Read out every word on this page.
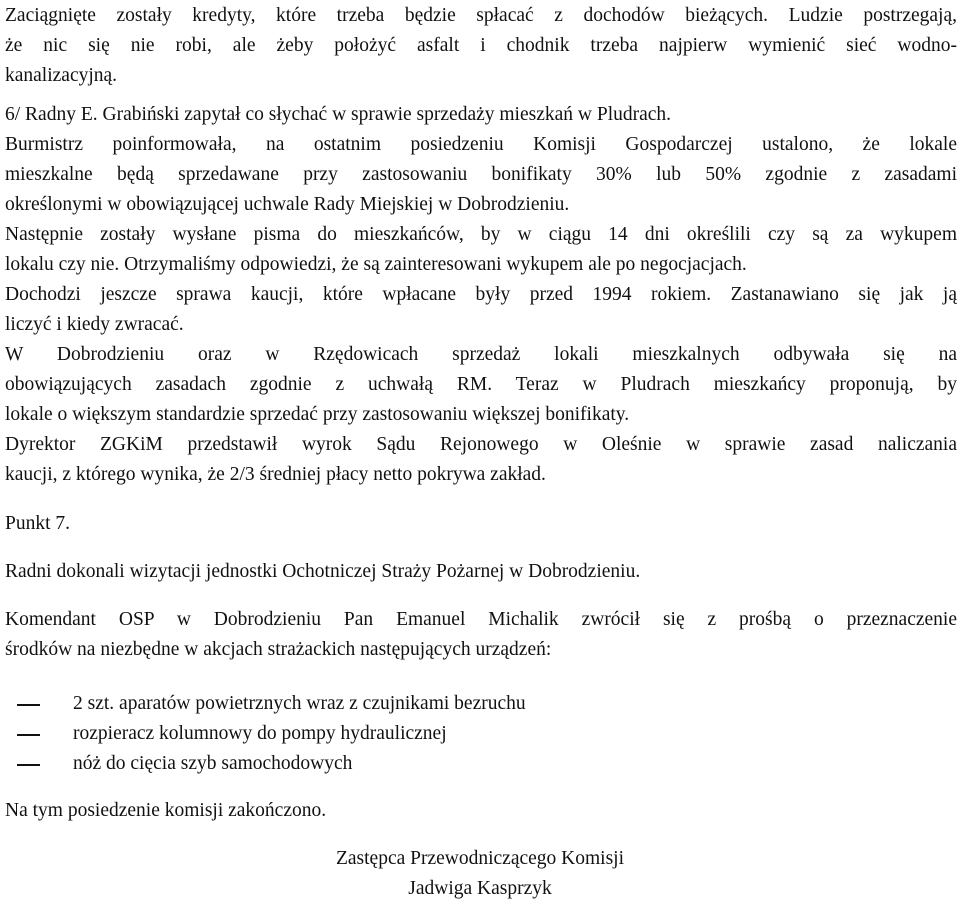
Zaciągnięte zostały kredyty, które trzeba będzie spłacać z dochodów bieżących. Ludzie postrzegają,
że nic się nie robi, ale żeby położyć asfalt i chodnik trzeba najpierw wymienić sieć wodno-
kanalizacyjną.
6/ Radny E. Grabiński zapytał co słychać w sprawie sprzedaży mieszkań w Pludrach.
Burmistrz poinformowała, na ostatnim posiedzeniu Komisji Gospodarczej ustalono, że lokale
mieszkalne będą sprzedawane przy zastosowaniu bonifikaty 30% lub 50% zgodnie z zasadami
określonymi w obowiązującej uchwale Rady Miejskiej w Dobrodzieniu.
Następnie zostały wysłane pisma do mieszkańców, by w ciągu 14 dni określili czy są za wykupem
lokalu czy nie. Otrzymaliśmy odpowiedzi, że są zainteresowani wykupem ale po negocjacjach.
Dochodzi jeszcze sprawa kaucji, które wpłacane były przed 1994 rokiem. Zastanawiano się jak ją
liczyć i kiedy zwracać.
W Dobrodzieniu oraz w Rzędowicach sprzedaż lokali mieszkalnych odbywała się na
obowiązujących zasadach zgodnie z uchwałą RM. Teraz w Pludrach mieszkańcy proponują, by
lokale o większym standardzie sprzedać przy zastosowaniu większej bonifikaty.
Dyrektor ZGKiM przedstawił wyrok Sądu Rejonowego w Oleśnie w sprawie zasad naliczania
kaucji, z którego wynika, że 2/3 średniej płacy netto pokrywa zakład.
Punkt 7.
Radni dokonali wizytacji jednostki Ochotniczej Straży Pożarnej w Dobrodzieniu.
Komendant OSP w Dobrodzieniu Pan Emanuel Michalik zwrócił się z prośbą o przeznaczenie
środków na niezbędne w akcjach strażackich następujących urządzeń:
2 szt. aparatów powietrznych wraz z czujnikami bezruchu
rozpieracz kolumnowy do pompy hydraulicznej
nóż do cięcia szyb samochodowych
Na tym posiedzenie komisji zakończono.
Zastępca Przewodniczącego Komisji
Jadwiga Kasprzyk
